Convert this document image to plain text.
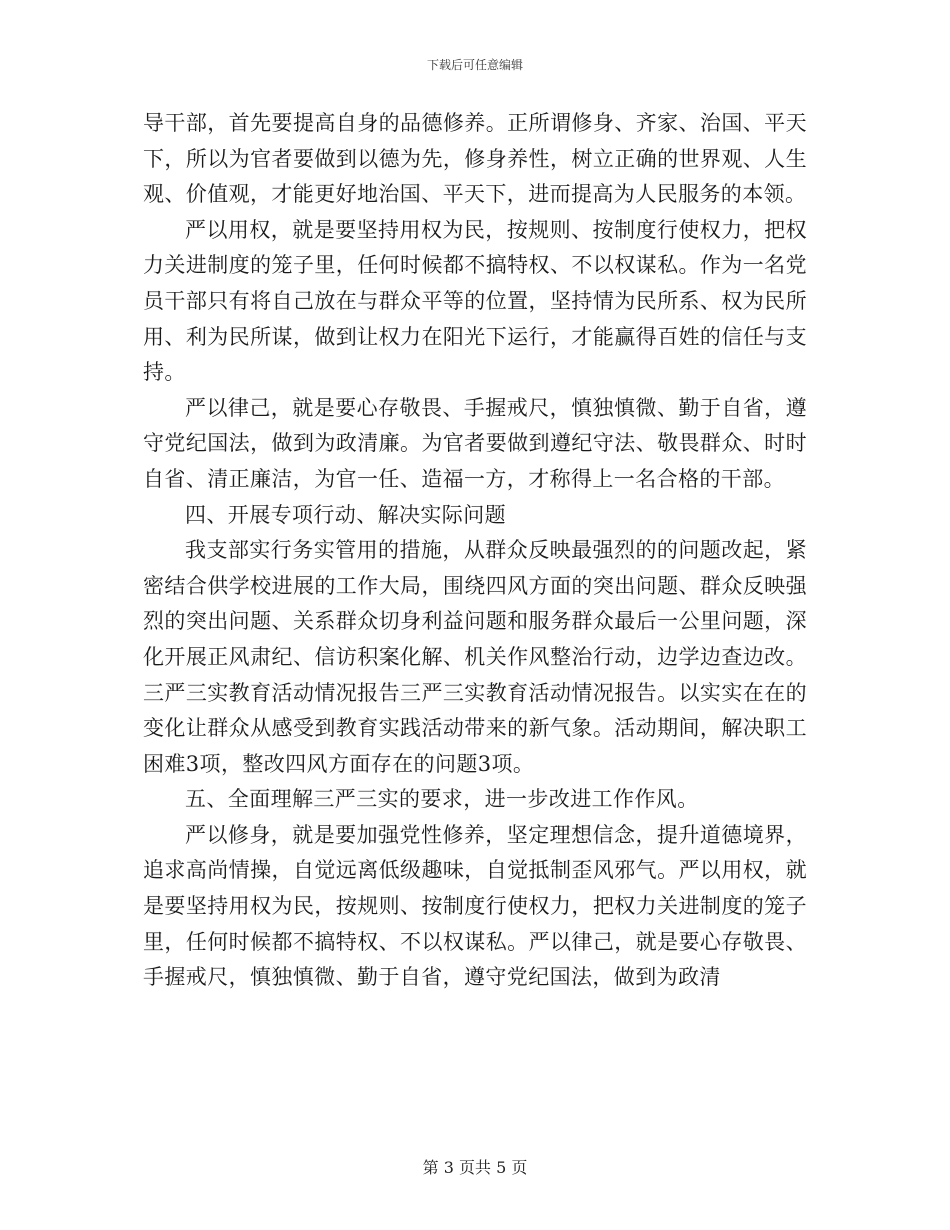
下载后可任意编辑

导干部，首先要提高自身的品德修养。正所谓修身、齐家、治国、平天下，所以为官者要做到以德为先，修身养性，树立正确的世界观、人生观、价值观，才能更好地治国、平天下，进而提高为人民服务的本领。

严以用权，就是要坚持用权为民，按规则、按制度行使权力，把权力关进制度的笼子里，任何时候都不搞特权、不以权谋私。作为一名党员干部只有将自己放在与群众平等的位置，坚持情为民所系、权为民所用、利为民所谋，做到让权力在阳光下运行，才能赢得百姓的信任与支持。

严以律己，就是要心存敬畏、手握戒尺，慎独慎微、勤于自省，遵守党纪国法，做到为政清廉。为官者要做到遵纪守法、敬畏群众、时时自省、清正廉洁，为官一任、造福一方，才称得上一名合格的干部。

四、开展专项行动、解决实际问题

我支部实行务实管用的措施，从群众反映最强烈的的问题改起，紧密结合供学校进展的工作大局，围绕四风方面的突出问题、群众反映强烈的突出问题、关系群众切身利益问题和服务群众最后一公里问题，深化开展正风肃纪、信访积案化解、机关作风整治行动，边学边查边改。三严三实教育活动情况报告三严三实教育活动情况报告。以实实在在的变化让群众从感受到教育实践活动带来的新气象。活动期间，解决职工困难3项，整改四风方面存在的问题3项。

五、全面理解三严三实的要求，进一步改进工作作风。

严以修身，就是要加强党性修养，坚定理想信念，提升道德境界，追求高尚情操，自觉远离低级趣味，自觉抵制歪风邪气。严以用权，就是要坚持用权为民，按规则、按制度行使权力，把权力关进制度的笼子里，任何时候都不搞特权、不以权谋私。严以律己，就是要心存敬畏、手握戒尺，慎独慎微、勤于自省，遵守党纪国法，做到为政清

第 3 页共 5 页
